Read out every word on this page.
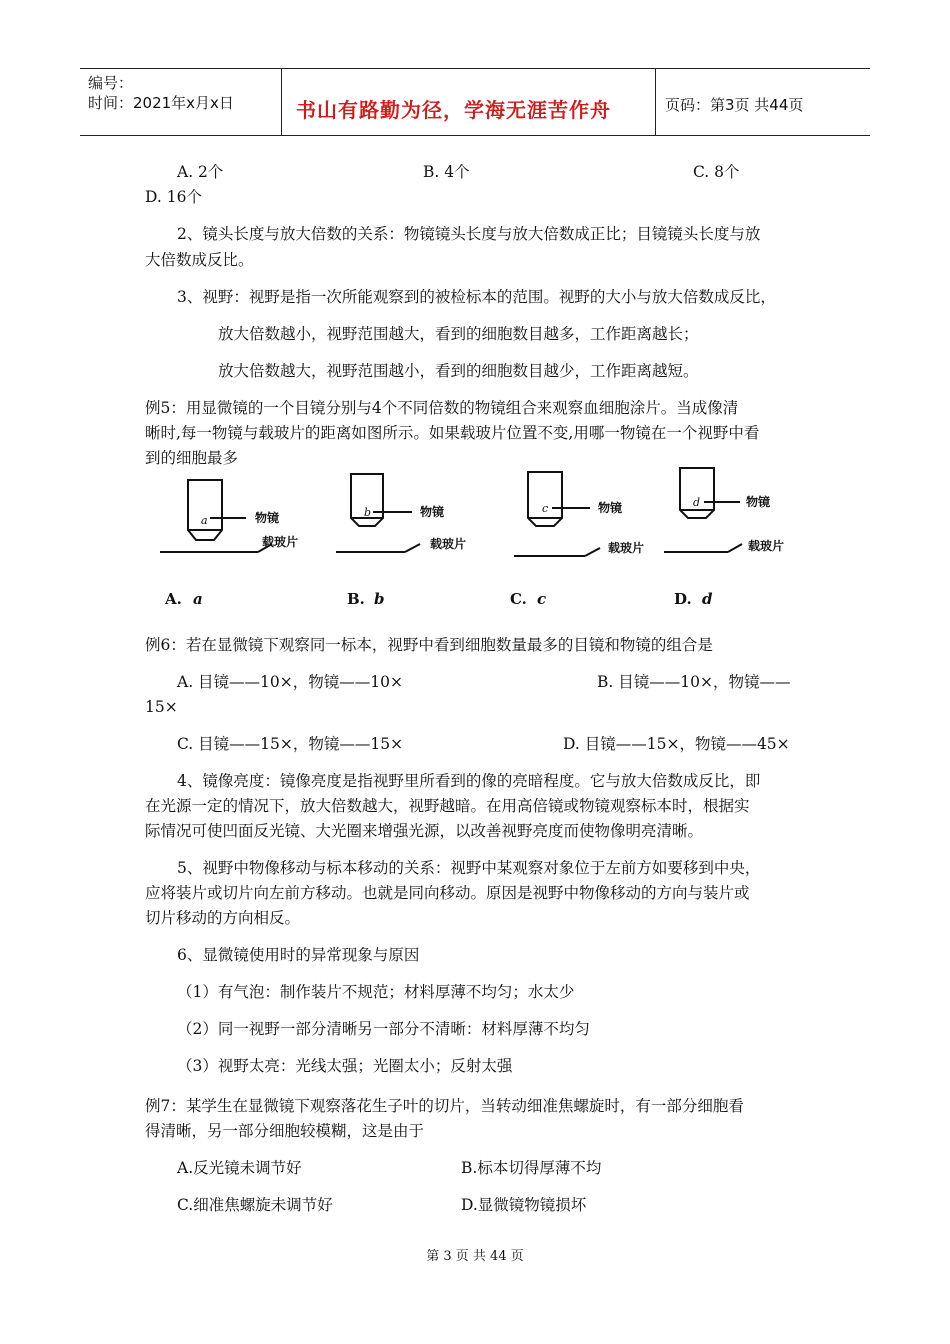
编号：
时间：2021年x月x日	书山有路勤为径，学海无涯苦作舟	页码：第3页 共44页
A. 2个	B. 4个	C. 8个
D. 16个
2、镜头长度与放大倍数的关系：物镜镜头长度与放大倍数成正比；目镜镜头长度与放
大倍数成反比。
3、视野：视野是指一次所能观察到的被检标本的范围。视野的大小与放大倍数成反比，
放大倍数越小，视野范围越大，看到的细胞数目越多，工作距离越长；
放大倍数越大，视野范围越小，看到的细胞数目越少，工作距离越短。
例5：用显微镜的一个目镜分别与4个不同倍数的物镜组合来观察血细胞涂片。当成像清
晰时,每一物镜与载玻片的距离如图所示。如果载玻片位置不变,用哪一物镜在一个视野中看
到的细胞最多
a
b	c	d
物镜	物镜	物镜	物镜
载玻片	载玻片	载玻片	载玻片
A. a	B. b	C. c	D. d
例6：若在显微镜下观察同一标本，视野中看到细胞数量最多的目镜和物镜的组合是
A. 目镜——10×，物镜——10×	B. 目镜——10×，物镜——
15×
C. 目镜——15×，物镜——15×	D. 目镜——15×，物镜——45×
4、镜像亮度：镜像亮度是指视野里所看到的像的亮暗程度。它与放大倍数成反比，即
在光源一定的情况下，放大倍数越大，视野越暗。在用高倍镜或物镜观察标本时，根据实
际情况可使凹面反光镜、大光圈来增强光源，以改善视野亮度而使物像明亮清晰。
5、视野中物像移动与标本移动的关系：视野中某观察对象位于左前方如要移到中央，
应将装片或切片向左前方移动。也就是同向移动。原因是视野中物像移动的方向与装片或
切片移动的方向相反。
6、显微镜使用时的异常现象与原因
（1）有气泡：制作装片不规范；材料厚薄不均匀；水太少
（2）同一视野一部分清晰另一部分不清晰：材料厚薄不均匀
（3）视野太亮：光线太强；光圈太小；反射太强
例7：某学生在显微镜下观察落花生子叶的切片，当转动细准焦螺旋时，有一部分细胞看
得清晰，另一部分细胞较模糊，这是由于
A.反光镜未调节好	B.标本切得厚薄不均
C.细准焦螺旋未调节好	D.显微镜物镜损坏
第 3 页 共 44 页
